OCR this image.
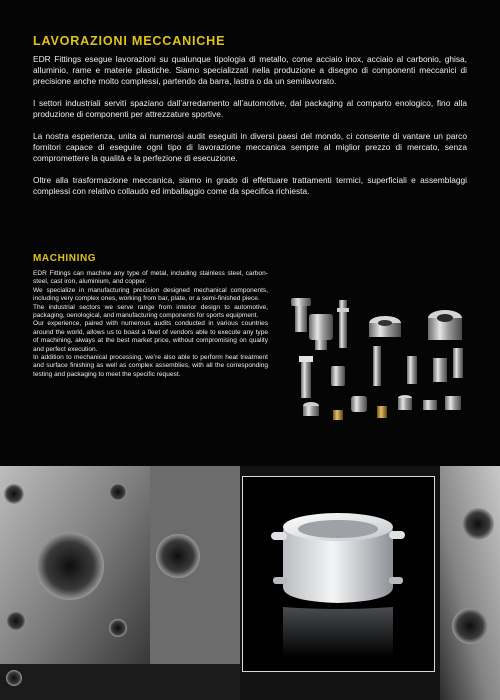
LAVORAZIONI MECCANICHE

EDR Fittings esegue lavorazioni su qualunque tipologia di metallo, come acciaio inox, acciaio al carbonio, ghisa, alluminio, rame e materie plastiche. Siamo specializzati nella produzione a disegno di componenti meccanici di precisione anche molto complessi, partendo da barra, lastra o da un semilavorato.

I settori industriali servitì spaziano dall’arredamento all’automotive, dal packaging al comparto enologico, fino alla produzione di componenti per attrezzature sportive.

La nostra esperienza, unita ai numerosi audit eseguiti in diversi paesi del mondo, ci consente di vantare un parco fornitori capace di eseguire ogni tipo di lavorazione meccanica sempre al miglior prezzo di mercato, senza compromettere la qualità e la perfezione di esecuzione.

Oltre alla trasformazione meccanica, siamo in grado di effettuare trattamenti termici, superficiali e assemblaggi complessi con relativo collaudo ed imballaggio come da specifica richiesta.

MACHINING

EDR Fittings can machine any type of metal, including stainless steel, carbon-steel, cast iron, aluminium, and copper.

We specialize in manufacturing precision designed mechanical components, including very complex ones, working from bar, plate, or a semi-finished piece.

The industrial sectors we serve range from interior design to automotive, packaging, oenological, and manufacturing components for sports equipment.

Our experience, paired with numerous audits conducted in various countries around the world, allows us to boast a fleet of vendors able to execute any type of machining, always at the best market price, without compromising on quality and perfect execution.

In addition to mechanical processing, we’re also able to perform heat treatment and surface finishing as well as complex assemblies, with all the corresponding testing and packaging to meet the specific request.
